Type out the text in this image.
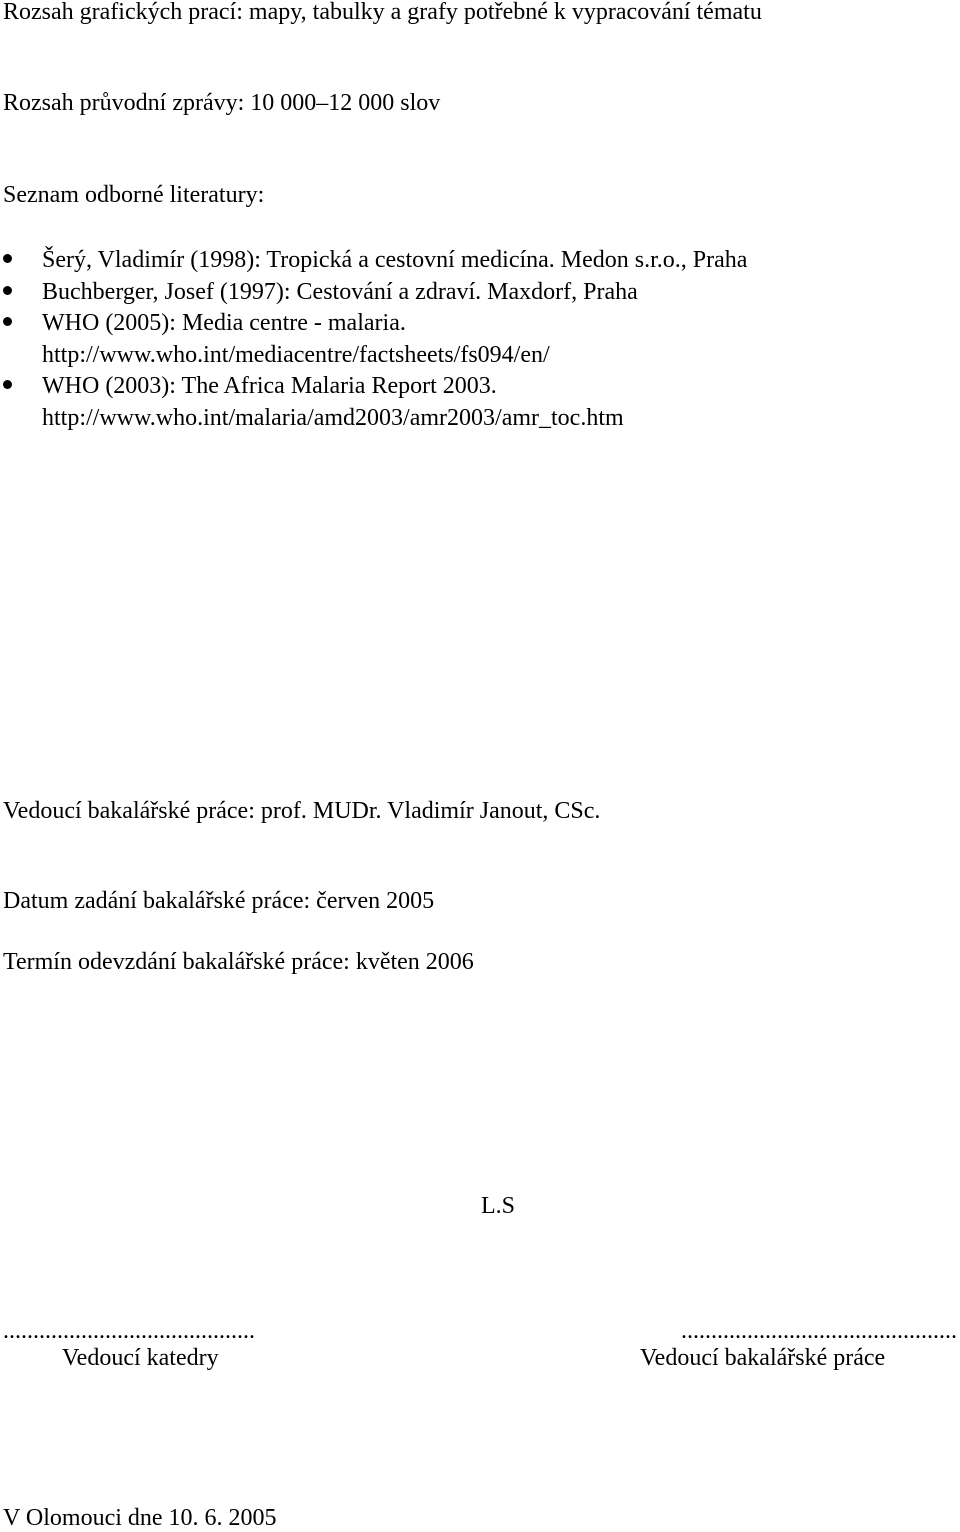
Rozsah grafických prací: mapy, tabulky a grafy potřebné k vypracování tématu
Rozsah průvodní zprávy: 10 000–12 000 slov
Seznam odborné literatury:
Šerý, Vladimír (1998): Tropická a cestovní medicína. Medon s.r.o., Praha
Buchberger, Josef (1997): Cestování a zdraví. Maxdorf, Praha
WHO (2005): Media centre - malaria.
http://www.who.int/mediacentre/factsheets/fs094/en/
WHO (2003): The Africa Malaria Report 2003.
http://www.who.int/malaria/amd2003/amr2003/amr_toc.htm
Vedoucí bakalářské práce: prof. MUDr. Vladimír Janout, CSc.
Datum zadání bakalářské práce: červen 2005
Termín odevzdání bakalářské práce: květen 2006
L.S
..........................................
Vedoucí katedry
..............................................
Vedoucí bakalářské práce
V Olomouci dne 10. 6. 2005
